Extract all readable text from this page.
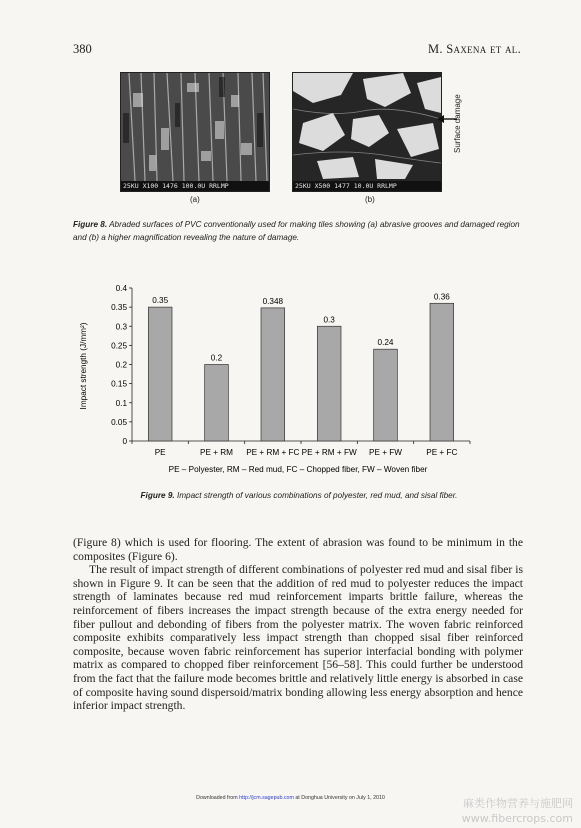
380	M. Saxena et al.
25KU X100 1476 100.0U RRLMP	25KU X500 1477 10.0U RRLMP
Surface damage
(a)	(b)
Figure 8. Abraded surfaces of PVC conventionally used for making tiles showing (a) abrasive grooves and damaged region and (b) a higher magnification revealing the nature of damage.
0
0.05
0.1
0.15
0.2
0.25
0.3
0.35
0.4
0.35
0.2
0.348
0.3
0.24
0.36
PE	PE + RM PE + RM + FC PE + RM + FW PE + FW	PE + FC
Impact strength (J/mm²)
PE – Polyester, RM – Red mud, FC – Chopped fiber, FW – Woven fiber
Figure 9. Impact strength of various combinations of polyester, red mud, and sisal fiber.

(Figure 8) which is used for flooring. The extent of abrasion was found to be minimum in the composites (Figure 6).

The result of impact strength of different combinations of polyester red mud and sisal fiber is shown in Figure 9. It can be seen that the addition of red mud to polyester reduces the impact strength of laminates because red mud reinforcement imparts brittle failure, whereas the reinforcement of fibers increases the impact strength because of the extra energy needed for fiber pullout and debonding of fibers from the polyester matrix. The woven fabric reinforced composite exhibits comparatively less impact strength than chopped sisal fiber reinforced composite, because woven fabric reinforcement has superior interfacial bonding with polymer matrix as compared to chopped fiber reinforcement [56–58]. This could further be understood from the fact that the failure mode becomes brittle and relatively little energy is absorbed in case of composite having sound dispersoid/matrix bonding allowing less energy absorption and hence inferior impact strength.

Downloaded from http://jcm.sagepub.com at Donghua University on July 1, 2010	麻类作物营养与施肥网
www.fibercrops.com
